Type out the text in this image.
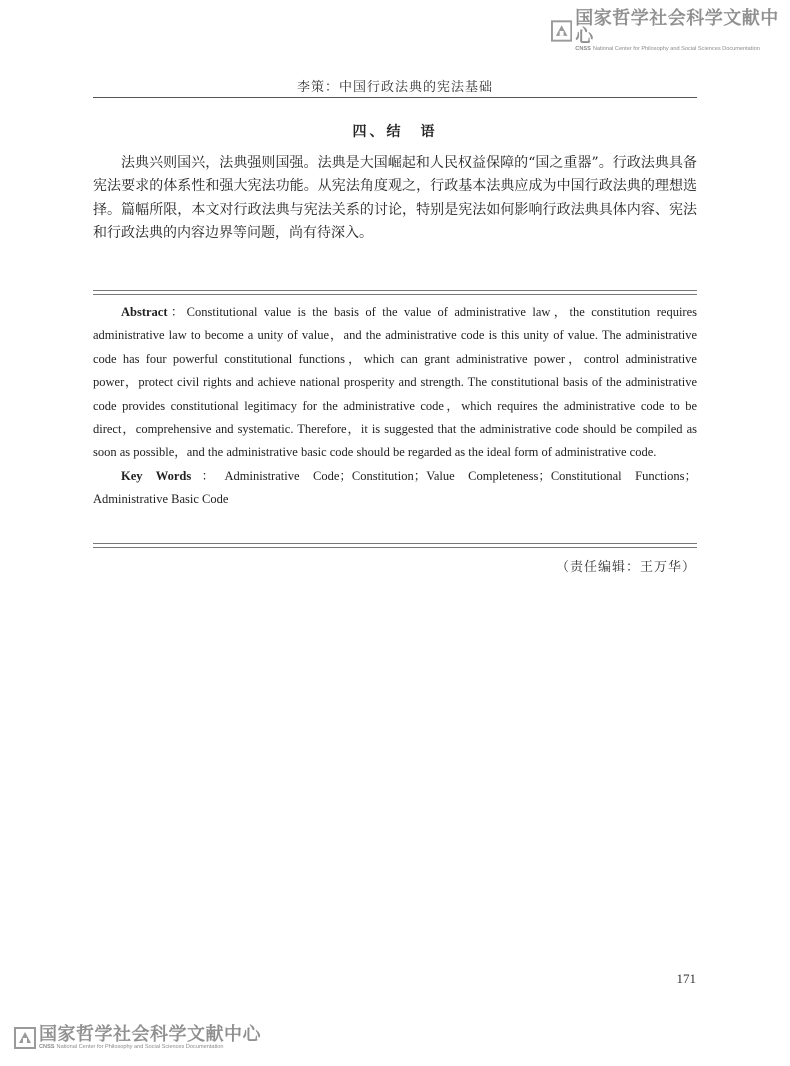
国家哲学社会科学文献中心
CNSS National Center for Philosophy and Social Sciences Documentation
李策：中国行政法典的宪法基础
四、结　语
法典兴则国兴，法典强则国强。法典是大国崛起和人民权益保障的“国之重器”。行政法典具备宪法要求的体系性和强大宪法功能。从宪法角度观之，行政基本法典应成为中国行政法典的理想选择。篇幅所限，本文对行政法典与宪法关系的讨论，特别是宪法如何影响行政法典具体内容、宪法和行政法典的内容边界等问题，尚有待深入。

Abstract：Constitutional value is the basis of the value of administrative law，the constitution requires administrative law to become a unity of value，and the administrative code is this unity of value. The administrative code has four powerful constitutional functions，which can grant administrative power，control administrative power，protect civil rights and achieve national prosperity and strength. The constitutional basis of the administrative code provides constitutional legitimacy for the administrative code，which requires the administrative code to be direct，comprehensive and systematic. Therefore，it is suggested that the administrative code should be compiled as soon as possible，and the administrative basic code should be regarded as the ideal form of administrative code.

Key Words：Administrative Code；Constitution；Value Completeness；Constitutional Functions；Administrative Basic Code

（责任编辑：王万华）
171
国家哲学社会科学文献中心
CNSS National Center for Philosophy and Social Sciences Documentation
